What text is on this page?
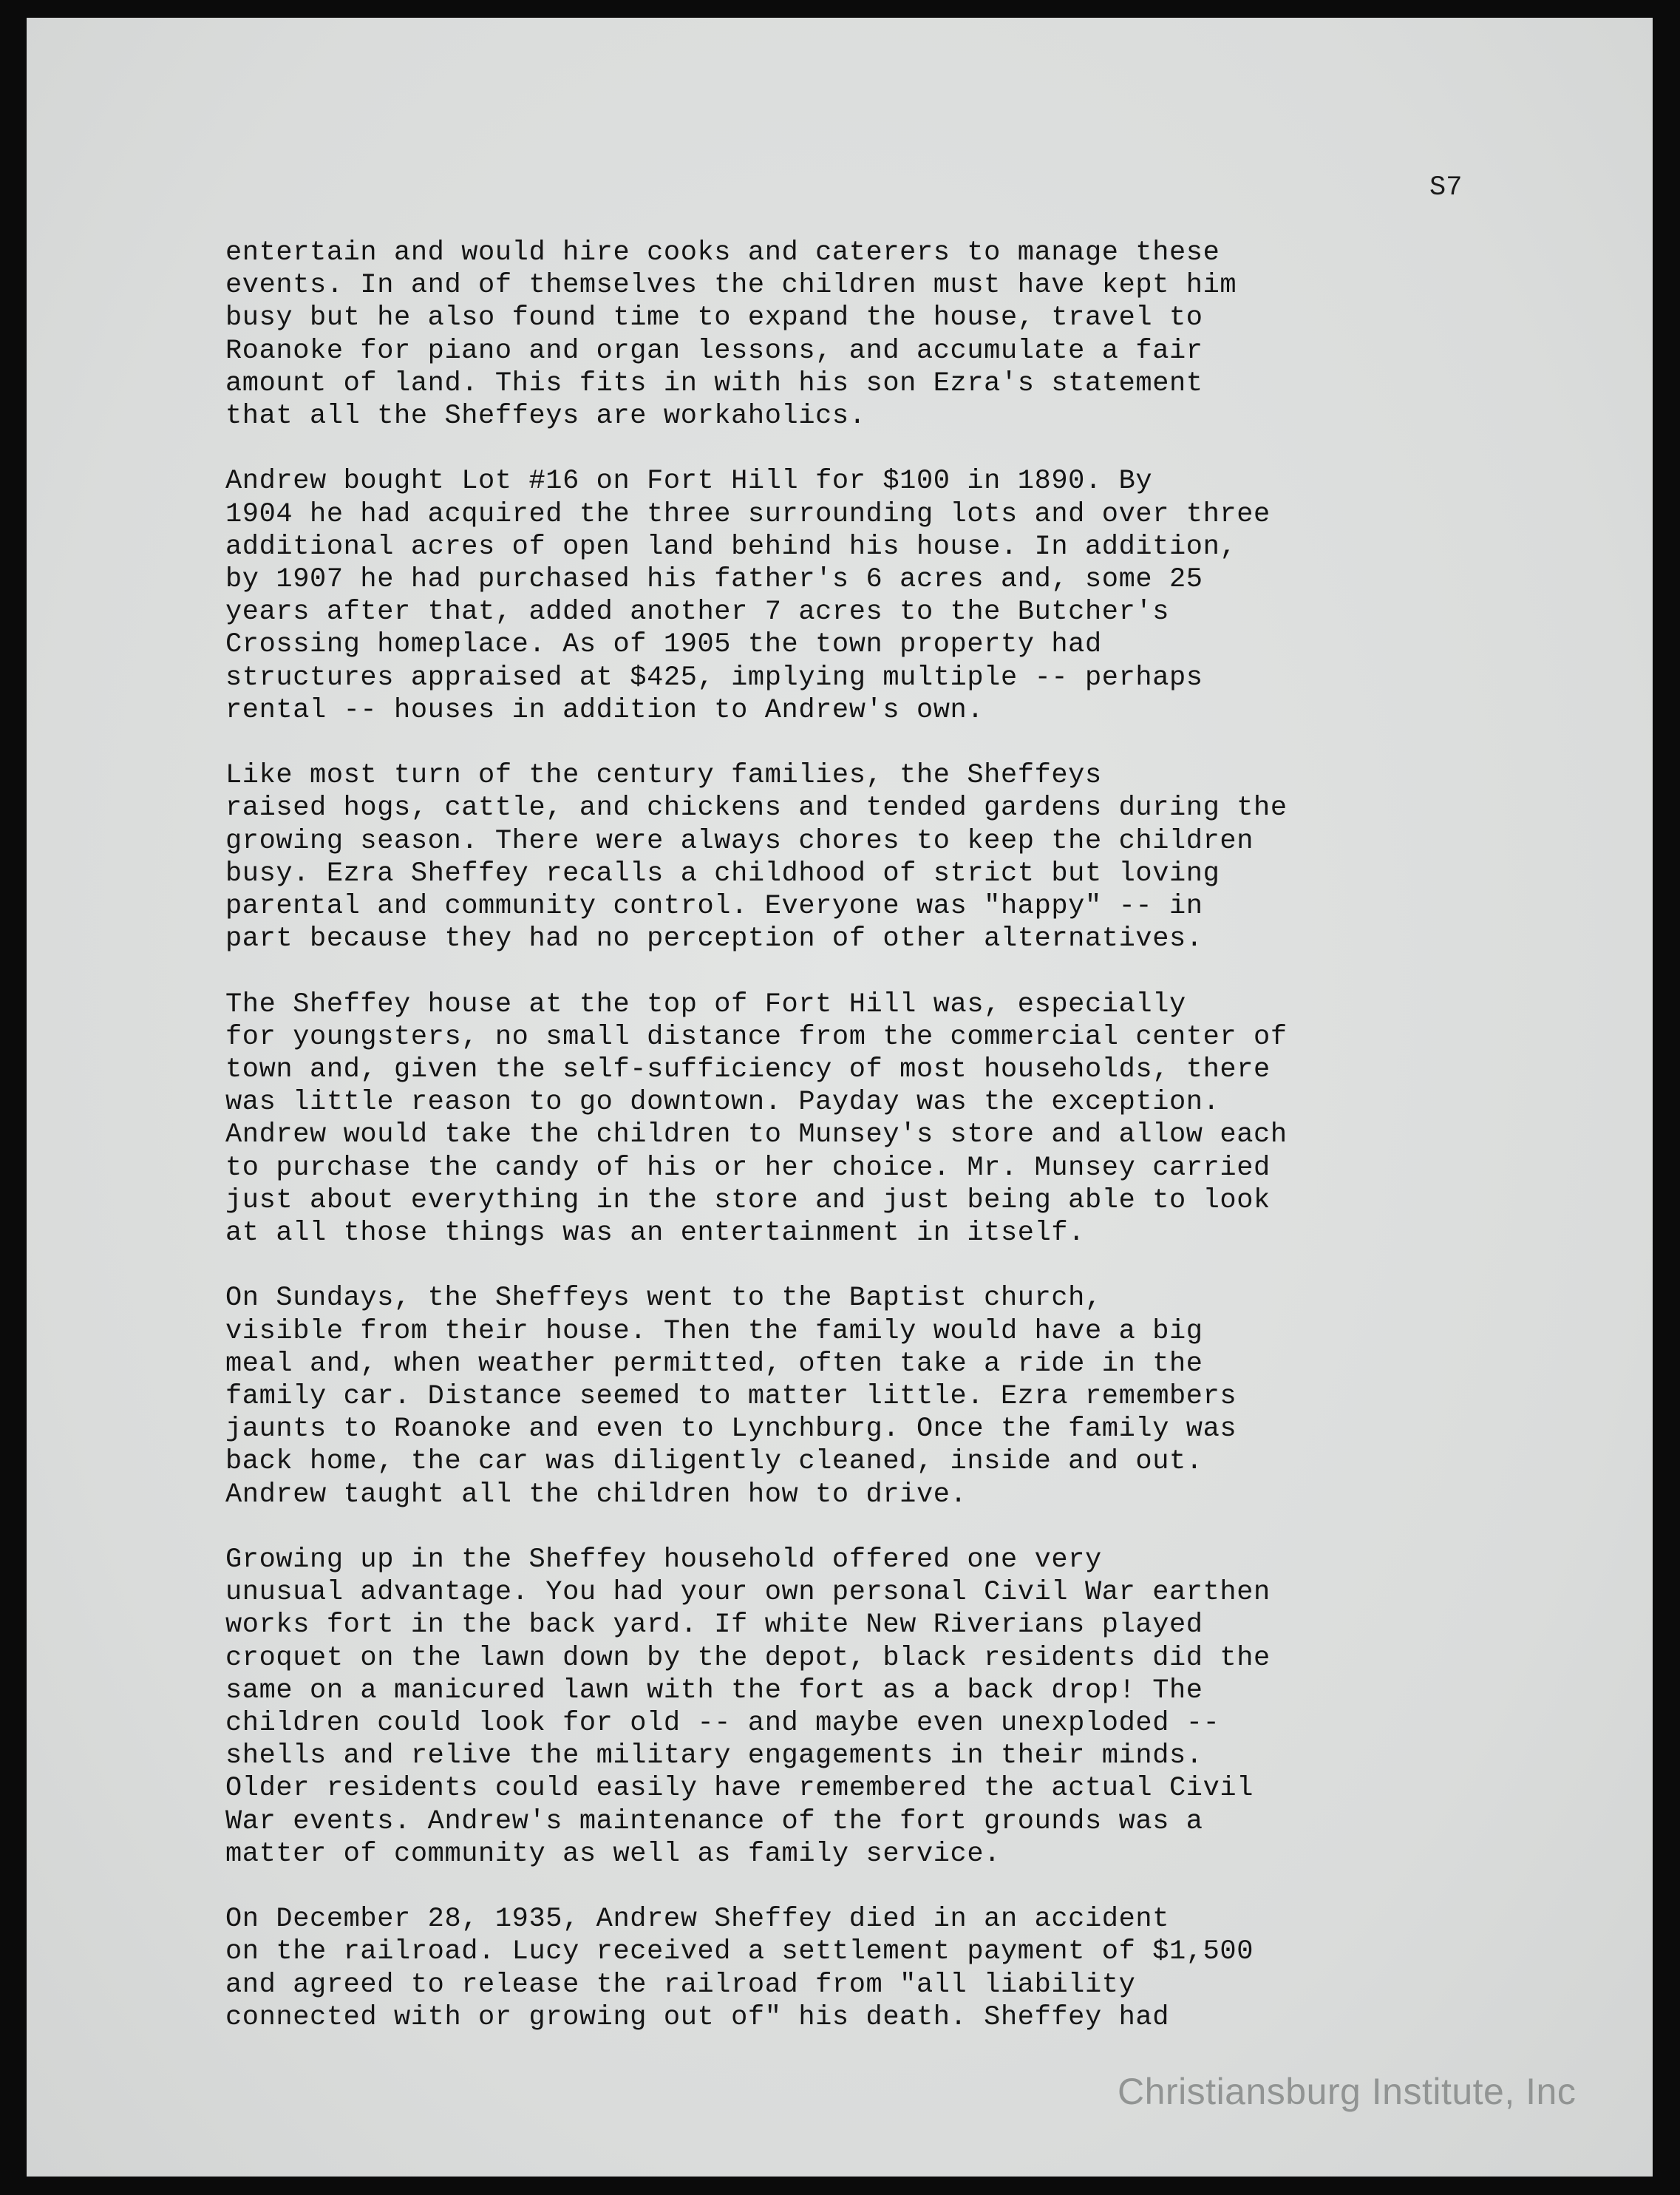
S7

entertain and would hire cooks and caterers to manage these
events. In and of themselves the children must have kept him
busy but he also found time to expand the house, travel to
Roanoke for piano and organ lessons, and accumulate a fair
amount of land. This fits in with his son Ezra's statement
that all the Sheffeys are workaholics.

Andrew bought Lot #16 on Fort Hill for $100 in 1890. By
1904 he had acquired the three surrounding lots and over three
additional acres of open land behind his house. In addition,
by 1907 he had purchased his father's 6 acres and, some 25
years after that, added another 7 acres to the Butcher's
Crossing homeplace. As of 1905 the town property had
structures appraised at $425, implying multiple -- perhaps
rental -- houses in addition to Andrew's own.

Like most turn of the century families, the Sheffeys
raised hogs, cattle, and chickens and tended gardens during the
growing season. There were always chores to keep the children
busy. Ezra Sheffey recalls a childhood of strict but loving
parental and community control. Everyone was "happy" -- in
part because they had no perception of other alternatives.

The Sheffey house at the top of Fort Hill was, especially
for youngsters, no small distance from the commercial center of
town and, given the self-sufficiency of most households, there
was little reason to go downtown. Payday was the exception.
Andrew would take the children to Munsey's store and allow each
to purchase the candy of his or her choice. Mr. Munsey carried
just about everything in the store and just being able to look
at all those things was an entertainment in itself.

On Sundays, the Sheffeys went to the Baptist church,
visible from their house. Then the family would have a big
meal and, when weather permitted, often take a ride in the
family car. Distance seemed to matter little. Ezra remembers
jaunts to Roanoke and even to Lynchburg. Once the family was
back home, the car was diligently cleaned, inside and out.
Andrew taught all the children how to drive.

Growing up in the Sheffey household offered one very
unusual advantage. You had your own personal Civil War earthen
works fort in the back yard. If white New Riverians played
croquet on the lawn down by the depot, black residents did the
same on a manicured lawn with the fort as a back drop! The
children could look for old -- and maybe even unexploded --
shells and relive the military engagements in their minds.
Older residents could easily have remembered the actual Civil
War events. Andrew's maintenance of the fort grounds was a
matter of community as well as family service.

On December 28, 1935, Andrew Sheffey died in an accident
on the railroad. Lucy received a settlement payment of $1,500
and agreed to release the railroad from "all liability
connected with or growing out of" his death. Sheffey had

Christiansburg Institute, Inc
